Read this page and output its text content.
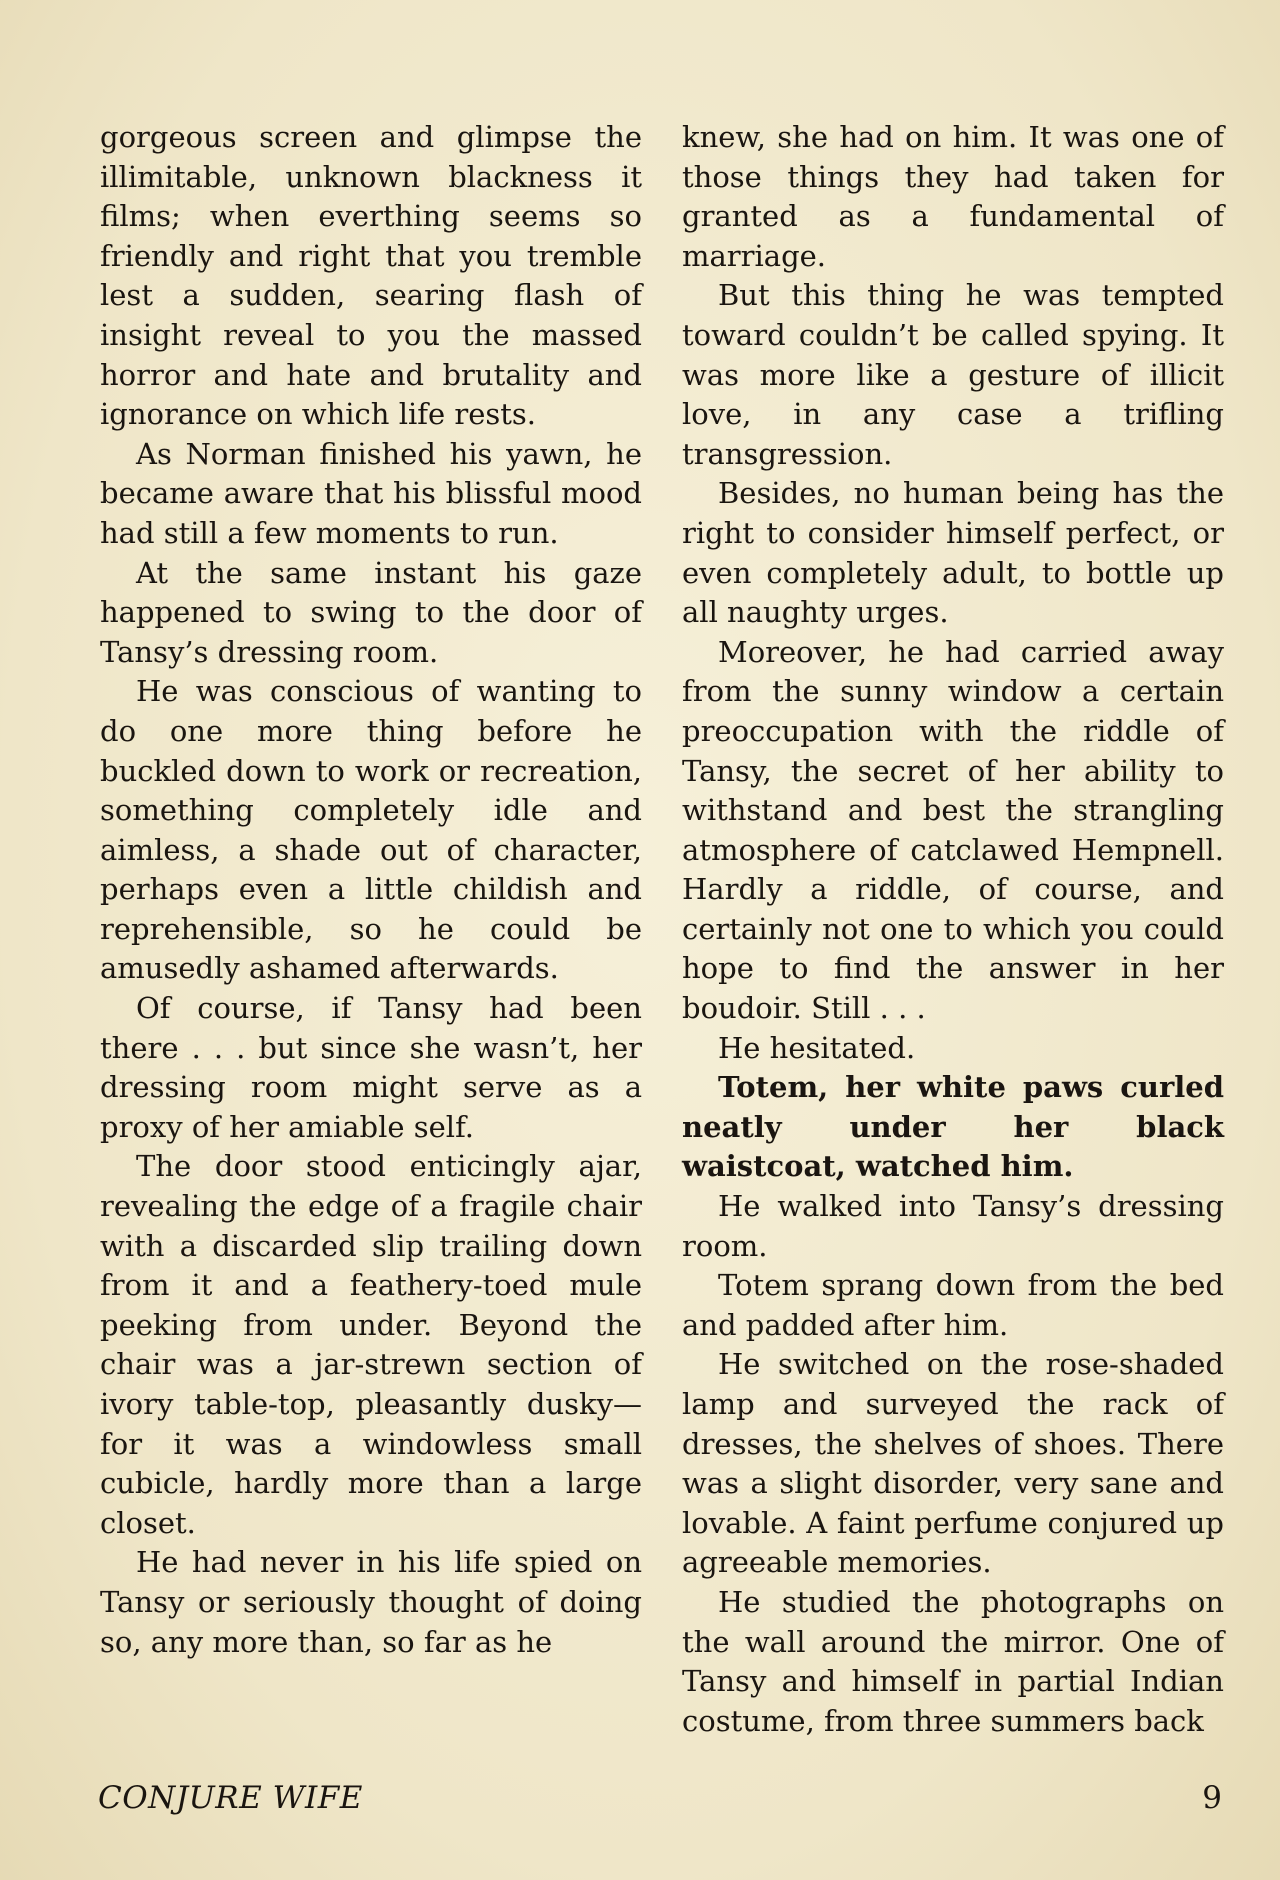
gorgeous screen and glimpse the illimitable, unknown blackness it films; when everthing seems so friendly and right that you tremble lest a sudden, searing flash of insight reveal to you the massed horror and hate and brutality and ignorance on which life rests.

As Norman finished his yawn, he became aware that his blissful mood had still a few moments to run.

At the same instant his gaze happened to swing to the door of Tansy’s dressing room.

He was conscious of wanting to do one more thing before he buckled down to work or recreation, something completely idle and aimless, a shade out of character, perhaps even a little childish and reprehensible, so he could be amusedly ashamed afterwards.

Of course, if Tansy had been there . . . but since she wasn’t, her dressing room might serve as a proxy of her amiable self.

The door stood enticingly ajar, revealing the edge of a fragile chair with a discarded slip trailing down from it and a feathery-toed mule peeking from under. Beyond the chair was a jar-strewn section of ivory table-top, pleasantly dusky—for it was a windowless small cubicle, hardly more than a large closet.

He had never in his life spied on Tansy or seriously thought of doing so, any more than, so far as he

knew, she had on him. It was one of those things they had taken for granted as a fundamental of marriage.

But this thing he was tempted toward couldn’t be called spying. It was more like a gesture of illicit love, in any case a trifling transgression.

Besides, no human being has the right to consider himself perfect, or even completely adult, to bottle up all naughty urges.

Moreover, he had carried away from the sunny window a certain preoccupation with the riddle of Tansy, the secret of her ability to withstand and best the strangling atmosphere of catclawed Hempnell. Hardly a riddle, of course, and certainly not one to which you could hope to find the answer in her boudoir. Still . . .

He hesitated.

Totem, her white paws curled neatly under her black waistcoat, watched him.

He walked into Tansy’s dressing room.

Totem sprang down from the bed and padded after him.

He switched on the rose-shaded lamp and surveyed the rack of dresses, the shelves of shoes. There was a slight disorder, very sane and lovable. A faint perfume conjured up agreeable memories.

He studied the photographs on the wall around the mirror. One of Tansy and himself in partial Indian costume, from three summers back

CONJURE WIFE	9
